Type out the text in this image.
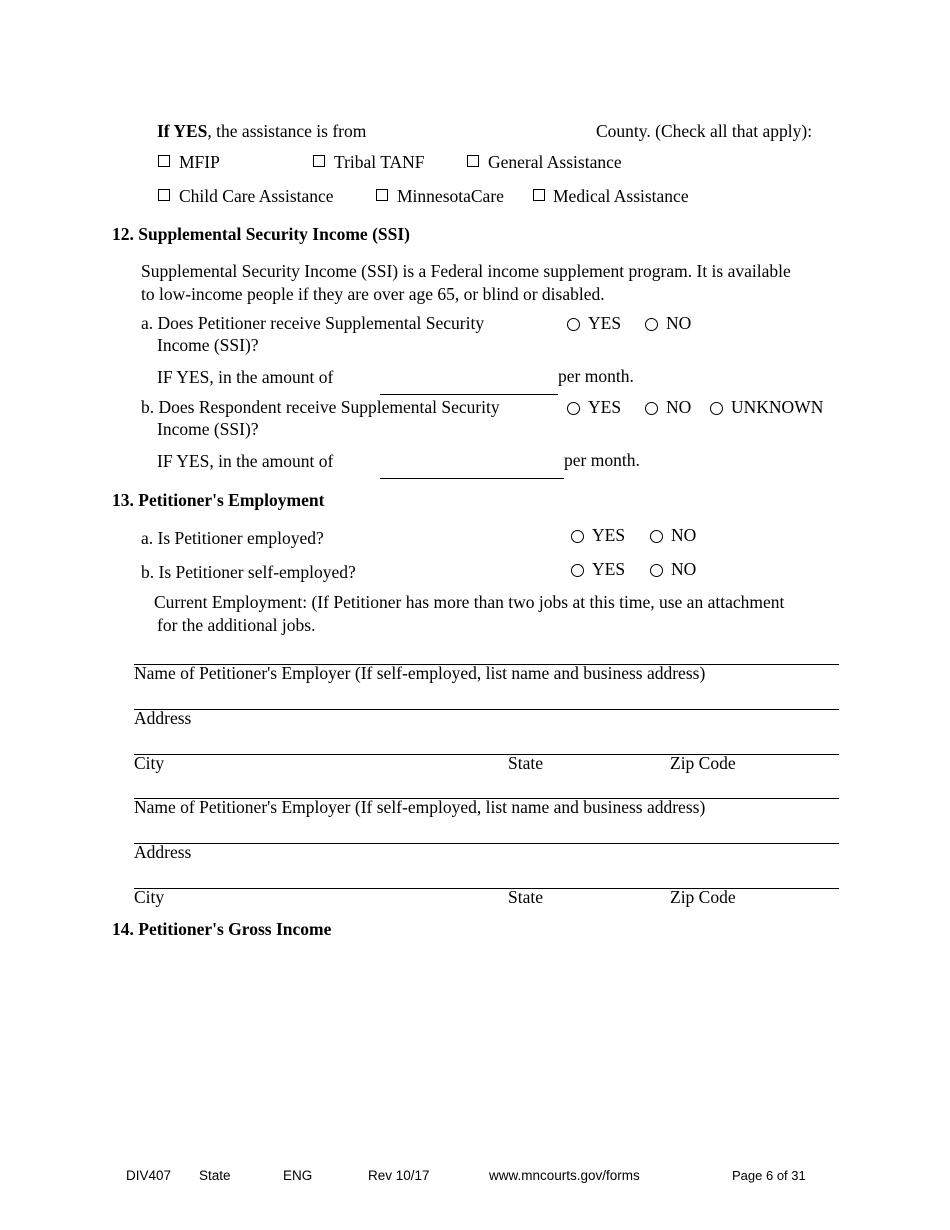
If YES, the assistance is from	County. (Check all that apply):
MFIP	Tribal TANF	General Assistance
Child Care Assistance	MinnesotaCare	Medical Assistance
12. Supplemental Security Income (SSI)
Supplemental Security Income (SSI) is a Federal income supplement program. It is available
to low-income people if they are over age 65, or blind or disabled.
a. Does Petitioner receive Supplemental Security
Income (SSI)?
YES	NO
IF YES, in the amount of	per month.
b. Does Respondent receive Supplemental Security
Income (SSI)?
YES	NO UNKNOWN
IF YES, in the amount of	per month.
13. Petitioner's Employment
a. Is Petitioner employed?	YES	NO
b. Is Petitioner self-employed?	YES	NO
Current Employment: (If Petitioner has more than two jobs at this time, use an attachment
for the additional jobs.
Name of Petitioner's Employer (If self-employed, list name and business address)
Address
City	State	Zip Code
Name of Petitioner's Employer (If self-employed, list name and business address)
Address
City	State	Zip Code
14. Petitioner's Gross Income
DIV407 State	ENG	Rev 10/17	www.mncourts.gov/forms	Page 6 of 31
